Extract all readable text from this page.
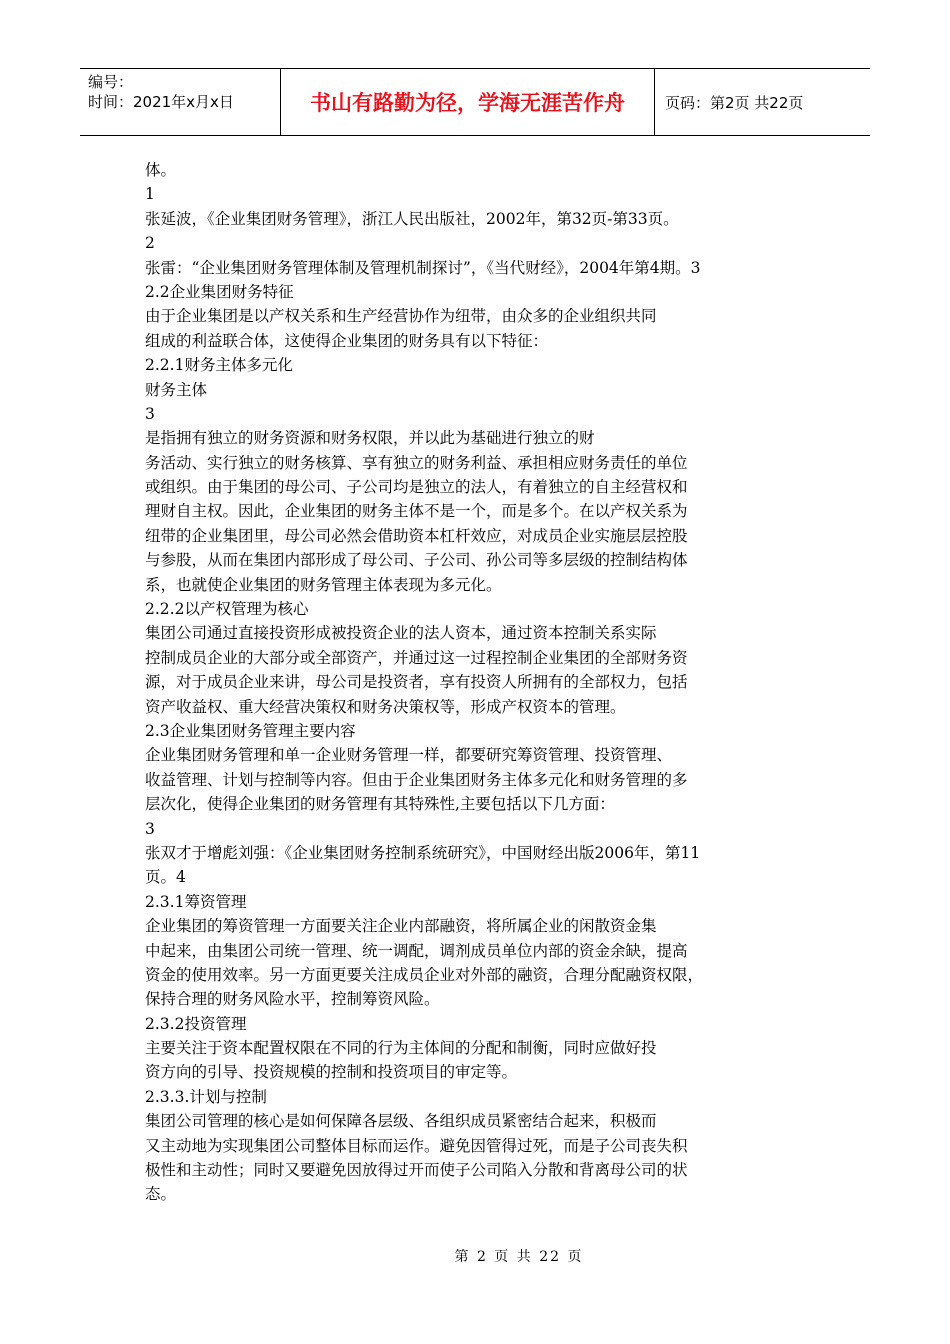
编号：
时间：2021年x月x日	书山有路勤为径，学海无涯苦作舟	页码：第2页 共22页
体。
1
张延波，《企业集团财务管理》，浙江人民出版社，2002年，第32页-第33页。
2
张雷：“企业集团财务管理体制及管理机制探讨”，《当代财经》，2004年第4期。3
2.2企业集团财务特征
由于企业集团是以产权关系和生产经营协作为纽带，由众多的企业组织共同
组成的利益联合体，这使得企业集团的财务具有以下特征：
2.2.1财务主体多元化
财务主体
3
是指拥有独立的财务资源和财务权限，并以此为基础进行独立的财
务活动、实行独立的财务核算、享有独立的财务利益、承担相应财务责任的单位
或组织。由于集团的母公司、子公司均是独立的法人，有着独立的自主经营权和
理财自主权。因此，企业集团的财务主体不是一个，而是多个。在以产权关系为
纽带的企业集团里，母公司必然会借助资本杠杆效应，对成员企业实施层层控股
与参股，从而在集团内部形成了母公司、子公司、孙公司等多层级的控制结构体
系，也就使企业集团的财务管理主体表现为多元化。
2.2.2以产权管理为核心
集团公司通过直接投资形成被投资企业的法人资本，通过资本控制关系实际
控制成员企业的大部分或全部资产，并通过这一过程控制企业集团的全部财务资
源，对于成员企业来讲，母公司是投资者，享有投资人所拥有的全部权力，包括
资产收益权、重大经营决策权和财务决策权等，形成产权资本的管理。
2.3企业集团财务管理主要内容
企业集团财务管理和单一企业财务管理一样，都要研究筹资管理、投资管理、
收益管理、计划与控制等内容。但由于企业集团财务主体多元化和财务管理的多
层次化，使得企业集团的财务管理有其特殊性,主要包括以下几方面：
3
张双才于增彪刘强：《企业集团财务控制系统研究》，中国财经出版2006年，第11
页。4
2.3.1筹资管理
企业集团的筹资管理一方面要关注企业内部融资，将所属企业的闲散资金集
中起来，由集团公司统一管理、统一调配，调剂成员单位内部的资金余缺，提高
资金的使用效率。另一方面更要关注成员企业对外部的融资，合理分配融资权限，
保持合理的财务风险水平，控制筹资风险。
2.3.2投资管理
主要关注于资本配置权限在不同的行为主体间的分配和制衡，同时应做好投
资方向的引导、投资规模的控制和投资项目的审定等。
2.3.3.计划与控制
集团公司管理的核心是如何保障各层级、各组织成员紧密结合起来，积极而
又主动地为实现集团公司整体目标而运作。避免因管得过死，而是子公司丧失积
极性和主动性；同时又要避免因放得过开而使子公司陷入分散和背离母公司的状
态。
第 2 页 共 22 页
